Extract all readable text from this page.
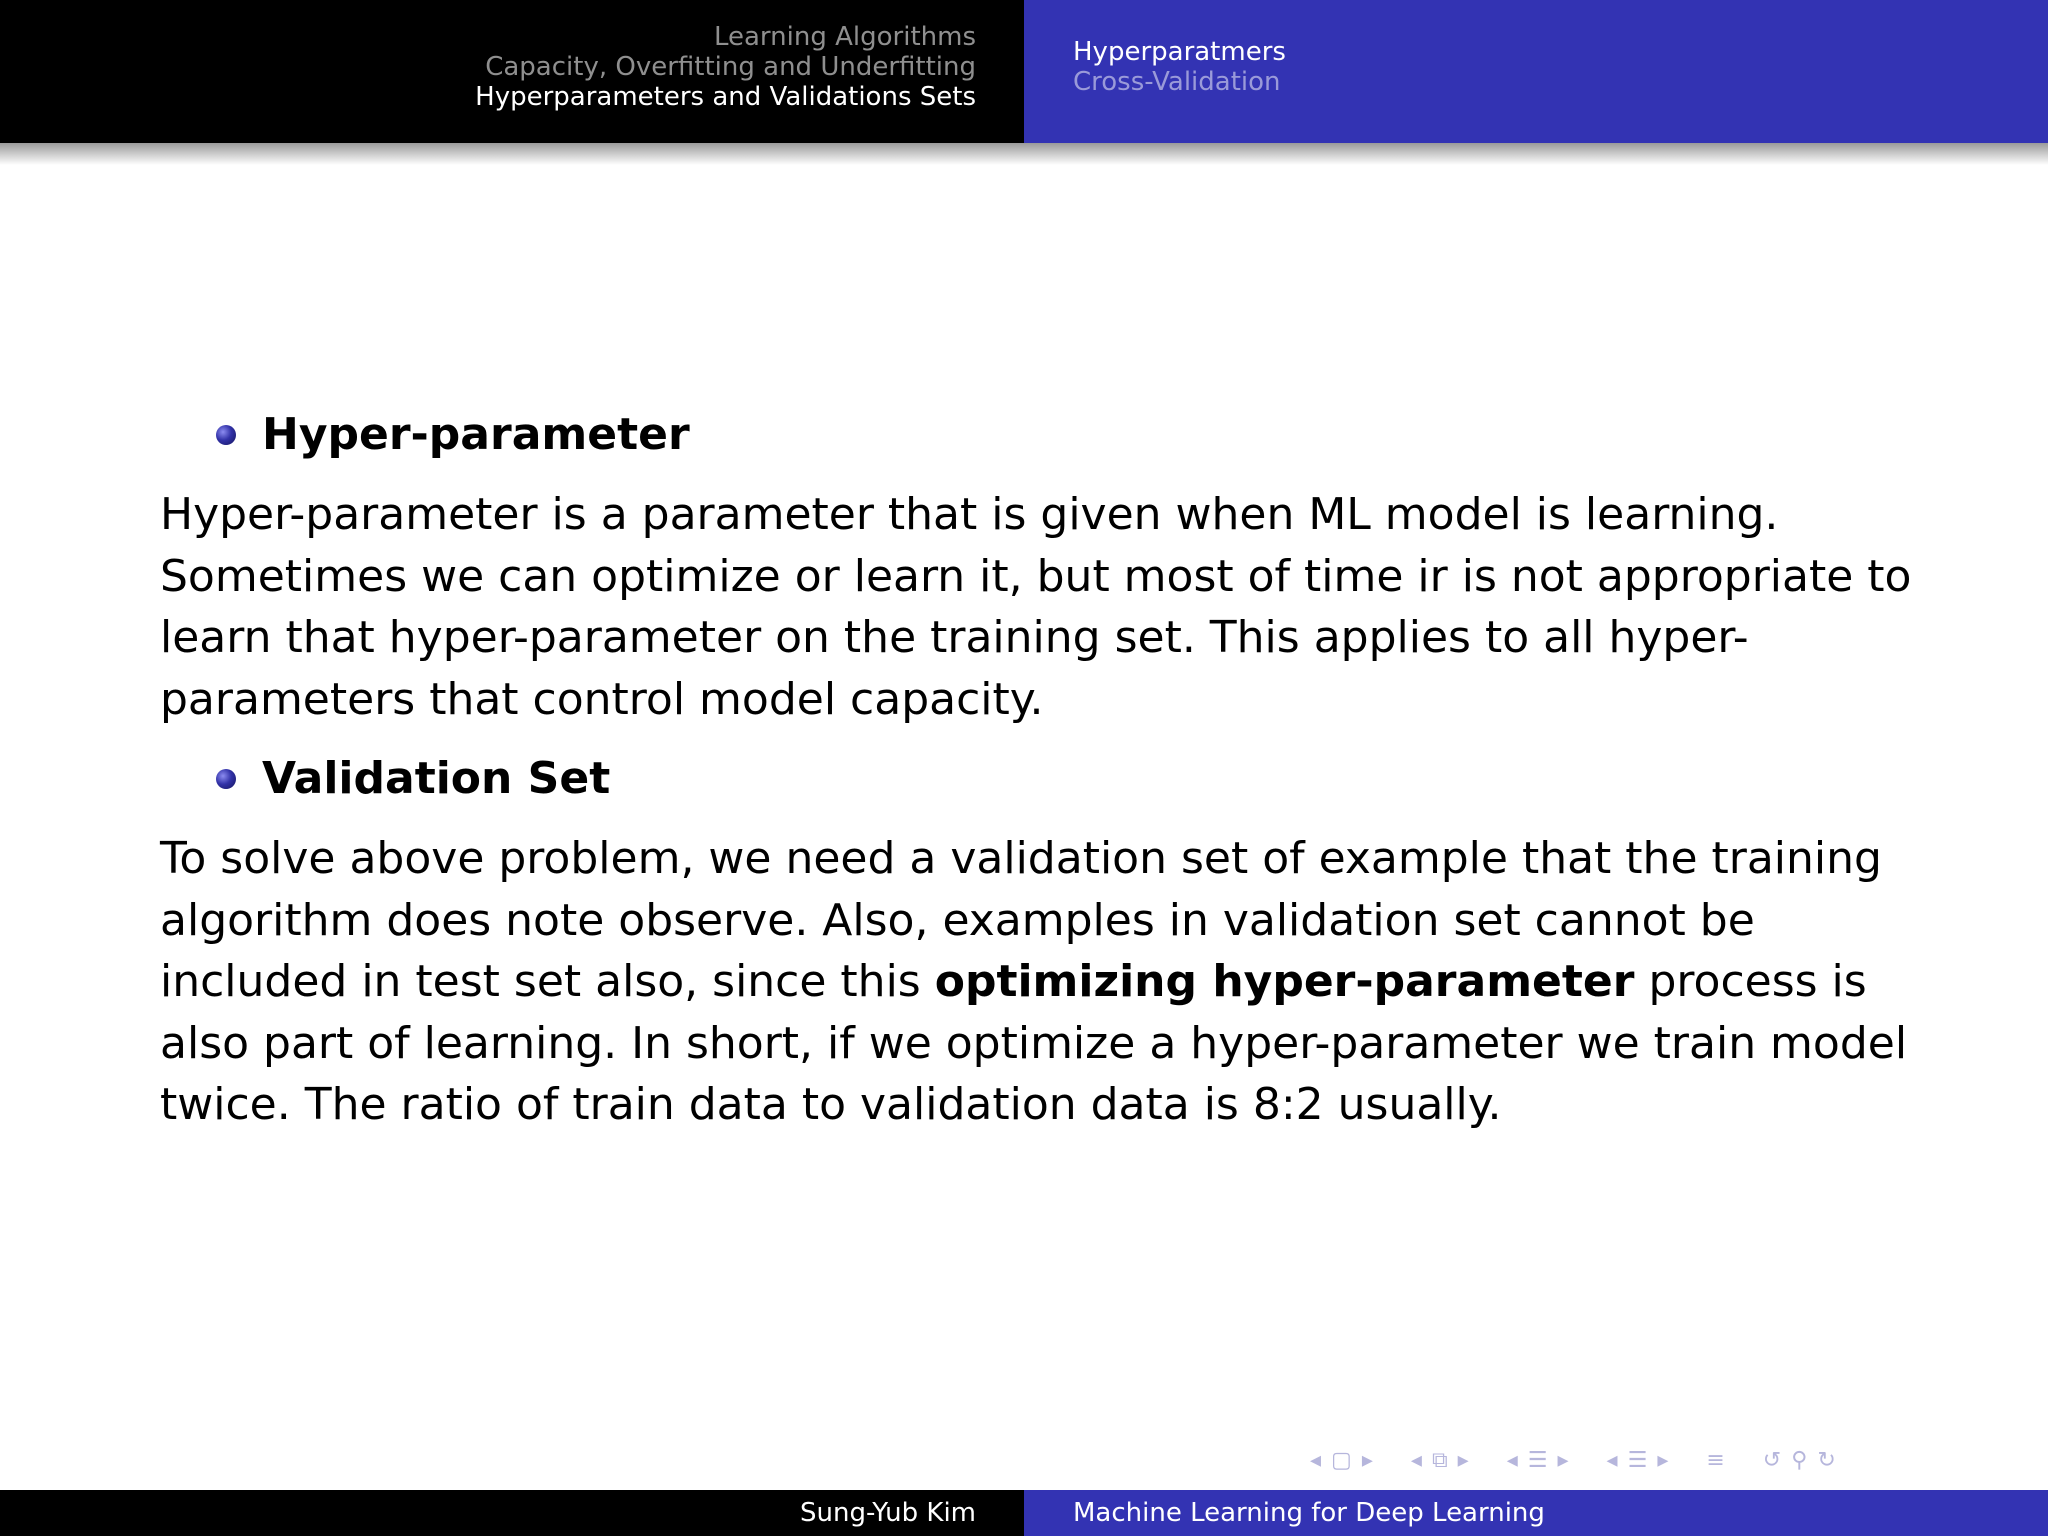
Learning Algorithms
Capacity, Overfitting and Underfitting
Hyperparameters and Validations Sets
Hyperparatmers
Cross-Validation
Hyper-parameter

Hyper-parameter is a parameter that is given when ML model is learning. Sometimes we can optimize or learn it, but most of time ir is not appropriate to learn that hyper-parameter on the training set. This applies to all hyper-parameters that control model capacity.

Validation Set

To solve above problem, we need a validation set of example that the training algorithm does note observe. Also, examples in validation set cannot be included in test set also, since this optimizing hyper-parameter process is also part of learning. In short, if we optimize a hyper-parameter we train model twice. The ratio of train data to validation data is 8:2 usually.

◂ ▢ ▸ ◂ ⧉ ▸ ◂ ☰ ▸ ◂ ☰ ▸ ≡ ↺ ⚲ ↻
Sung-Yub Kim	Machine Learning for Deep Learning
